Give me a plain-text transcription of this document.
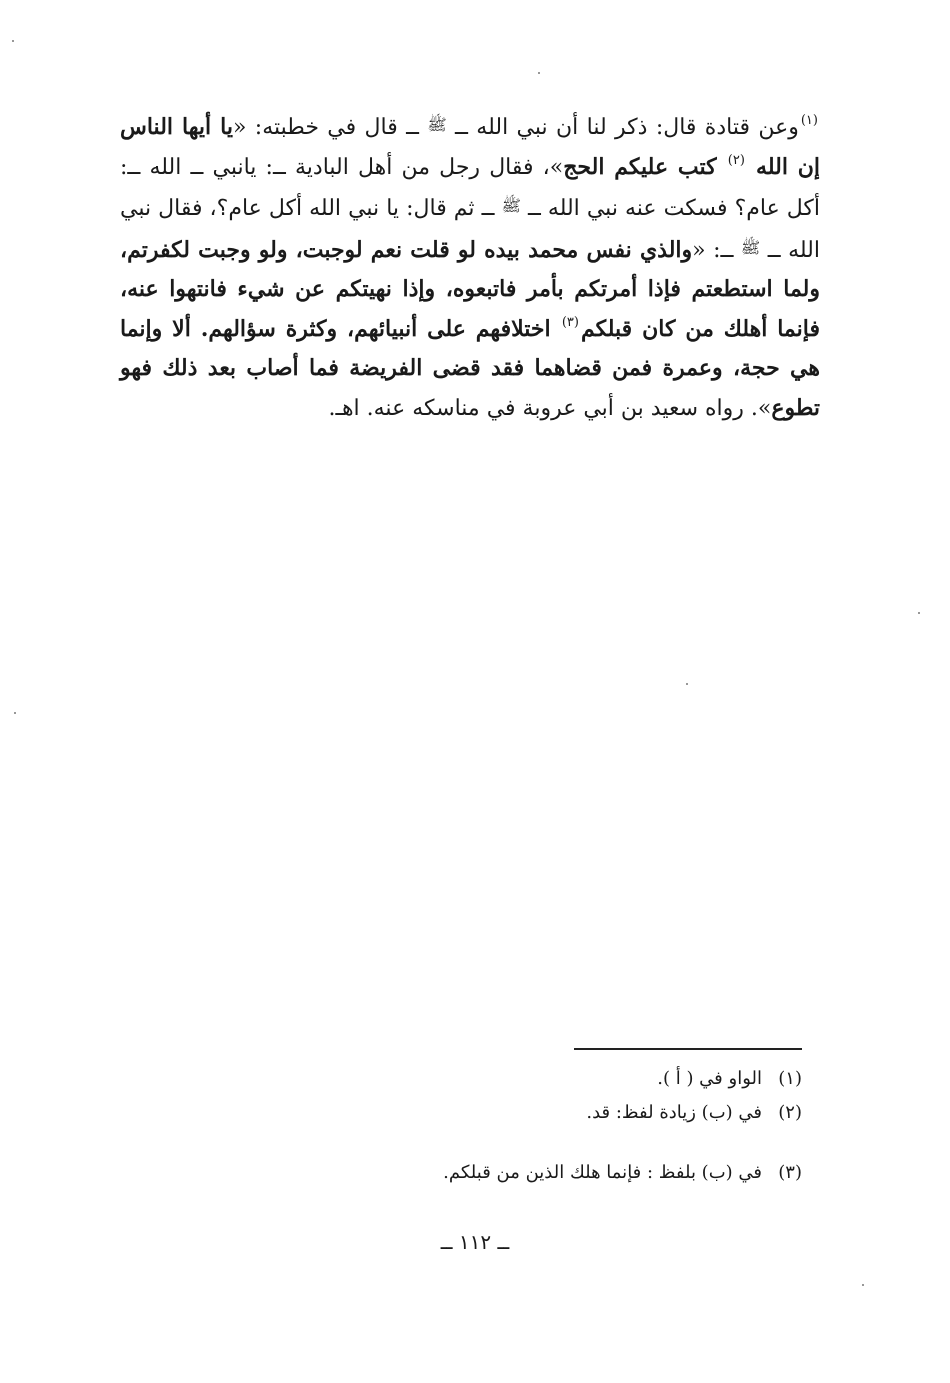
$^{(١)}$وعن قتادة قال: ذكر لنا أن نبي الله ــ ﷺ ــ قال في خطبته: «يا أيها الناس إن الله $^{(٢)}$ كتب عليكم الحج»، فقال رجل من أهل البادية ــ: يانبي ــ الله ــ: أكل عام؟ فسكت عنه نبي الله ــ ﷺ ــ ثم قال: يا نبي الله أكل عام؟، فقال نبي الله ــ ﷺ ــ: «والذي نفس محمد بيده لو قلت نعم لوجبت، ولو وجبت لكفرتم، ولما استطعتم فإذا أمرتكم بأمر فاتبعوه، وإذا نهيتكم عن شيء فانتهوا عنه، فإنما أهلك من كان قبلكم$^{(٣)}$ اختلافهم على أنبيائهم، وكثرة سؤالهم. ألا وإنما هي حجة، وعمرة فمن قضاهما فقد قضى الفريضة فما أصاب بعد ذلك فهو تطوع». رواه سعيد بن أبي عروبة في مناسكه عنه. اهـ.
(١)الواو في ( أ ).
(٢)في (ب) زيادة لفظ: قد.
(٣)في (ب) بلفظ : فإنما هلك الذين من قبلكم.
ــ ١١٢ ــ
